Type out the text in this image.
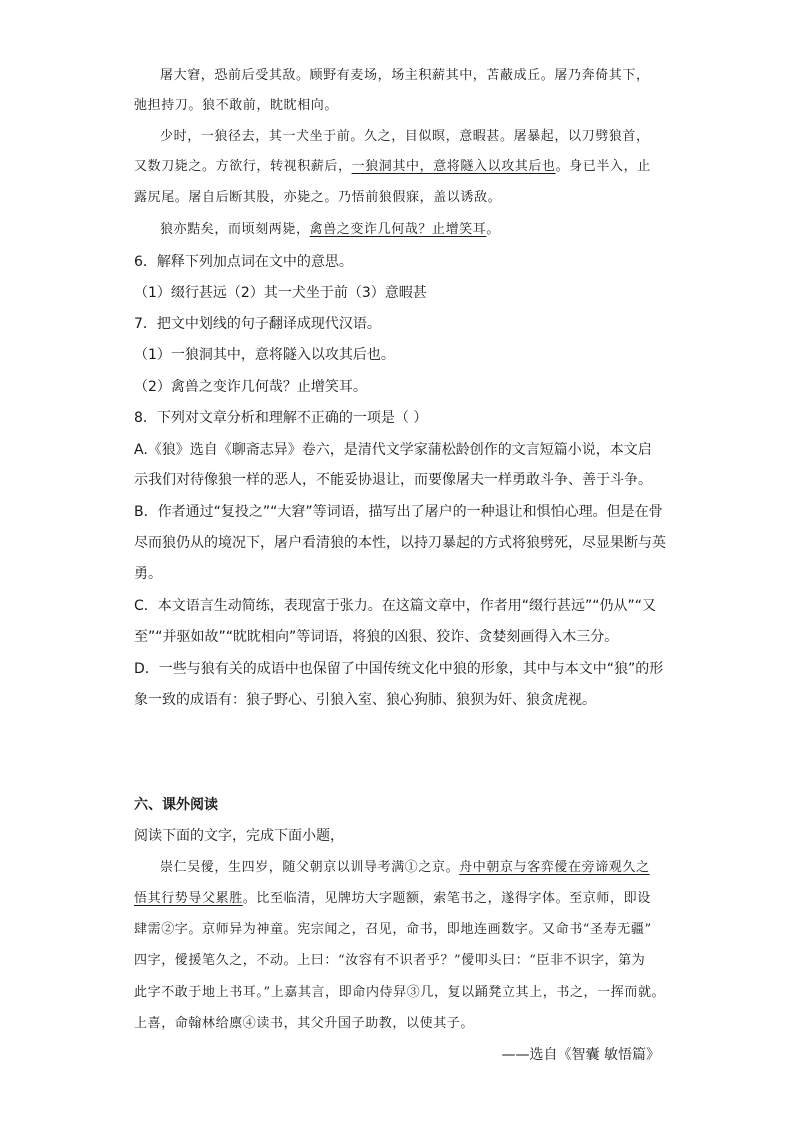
屠大窘，恐前后受其敌。顾野有麦场，场主积薪其中，苫蔽成丘。屠乃奔倚其下，
弛担持刀。狼不敢前，眈眈相向。
少时，一狼径去，其一犬坐于前。久之，目似暝，意暇甚。屠暴起，以刀劈狼首，
又数刀毙之。方欲行，转视积薪后，一狼洞其中，意将隧入以攻其后也。身已半入，止
露尻尾。屠自后断其股，亦毙之。乃悟前狼假寐，盖以诱敌。
狼亦黠矣，而顷刻两毙，禽兽之变诈几何哉？止增笑耳。
6．解释下列加点词在文中的意思。
（1）缀行甚远（2）其一犬坐于前（3）意暇甚
7．把文中划线的句子翻译成现代汉语。
（1）一狼洞其中，意将隧入以攻其后也。
（2）禽兽之变诈几何哉？止增笑耳。
8．下列对文章分析和理解不正确的一项是（ ）
A.《狼》选自《聊斋志异》卷六，是清代文学家蒲松龄创作的文言短篇小说，本文启
示我们对待像狼一样的恶人，不能妥协退让，而要像屠夫一样勇敢斗争、善于斗争。
B．作者通过“复投之”“大窘”等词语，描写出了屠户的一种退让和惧怕心理。但是在骨
尽而狼仍从的境况下，屠户看清狼的本性，以持刀暴起的方式将狼劈死，尽显果断与英
勇。
C．本文语言生动简练，表现富于张力。在这篇文章中，作者用“缀行甚远”“仍从”“又
至”“并驱如故”“眈眈相向”等词语，将狼的凶狠、狡诈、贪婪刻画得入木三分。
D．一些与狼有关的成语中也保留了中国传统文化中狼的形象，其中与本文中“狼”的形
象一致的成语有：狼子野心、引狼入室、狼心狗肺、狼狈为奸、狼贪虎视。
六、课外阅读
阅读下面的文字，完成下面小题，
崇仁吴僾，生四岁，随父朝京以训导考满①之京。舟中朝京与客弈僾在旁谛观久之
悟其行势导父累胜。比至临清，见牌坊大字题额，索笔书之，遂得字体。至京师，即设
肆需②字。京师异为神童。宪宗闻之，召见，命书，即地连画数字。又命书“圣寿无疆”
四字，僾援笔久之，不动。上曰：“汝容有不识者乎？”僾叩头曰：“臣非不识字，第为
此字不敢于地上书耳。”上嘉其言，即命内侍舁③几，复以踊凳立其上，书之，一挥而就。
上喜，命翰林给廪④读书，其父升国子助教，以使其子。
——选自《智囊 敏悟篇》
